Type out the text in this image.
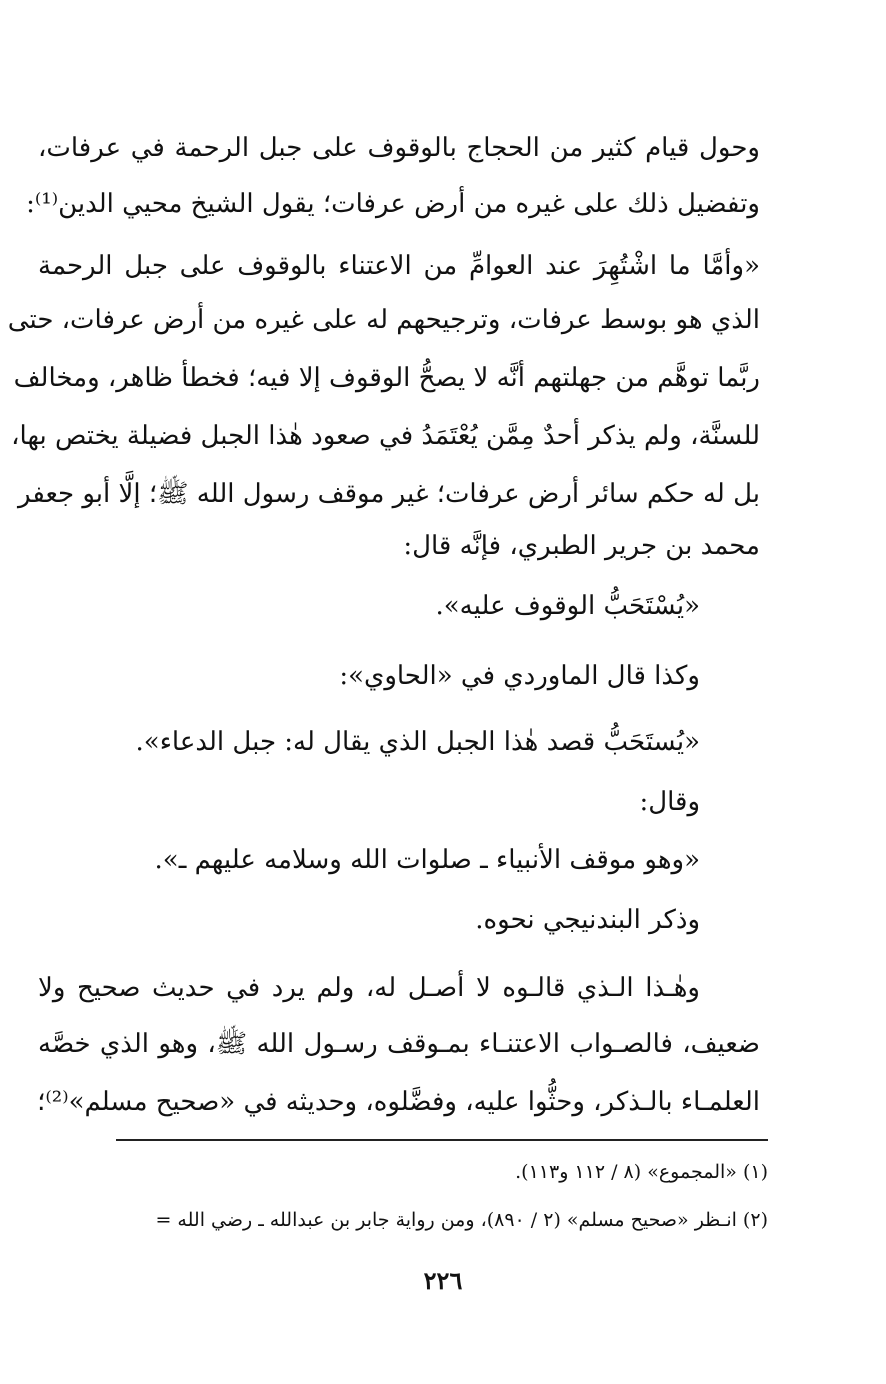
وحول قيام كثير من الحجاج بالوقوف على جبل الرحمة في عرفات،
وتفضيل ذلك على غيره من أرض عرفات؛ يقول الشيخ محيي الدين⁽¹⁾:
«وأمَّا ما اشْتُهِرَ عند العوامِّ من الاعتناء بالوقوف على جبل الرحمة
الذي هو بوسط عرفات، وترجيحهم له على غيره من أرض عرفات، حتى
ربَّما توهَّم من جهلتهم أنَّه لا يصحُّ الوقوف إلا فيه؛ فخطأ ظاهر، ومخالف
للسنَّة، ولم يذكر أحدٌ مِمَّن يُعْتَمَدُ في صعود هٰذا الجبل فضيلة يختص بها،
بل له حكم سائر أرض عرفات؛ غير موقف رسول الله ﷺ؛ إلَّا أبو جعفر
محمد بن جرير الطبري، فإنَّه قال:
«يُسْتَحَبُّ الوقوف عليه».
وكذا قال الماوردي في «الحاوي»:
«يُستَحَبُّ قصد هٰذا الجبل الذي يقال له: جبل الدعاء».
وقال:
«وهو موقف الأنبياء ـ صلوات الله وسلامه عليهم ـ».
وذكر البندنيجي نحوه.
وهٰـذا الـذي قالـوه لا أصـل له، ولم يرد في حديث صحيح ولا
ضعيف، فالصـواب الاعتنـاء بمـوقف رسـول الله ﷺ، وهو الذي خصَّه
العلمـاء بالـذكر، وحثُّوا عليه، وفضَّلوه، وحديثه في «صحيح مسلم»⁽²⁾؛
(١) «المجموع» (٨ / ١١٢ و١١٣).
(٢) انـظر «صحيح مسلم» (٢ / ٨٩٠)، ومن رواية جابر بن عبدالله ـ رضي الله =
٢٢٦
